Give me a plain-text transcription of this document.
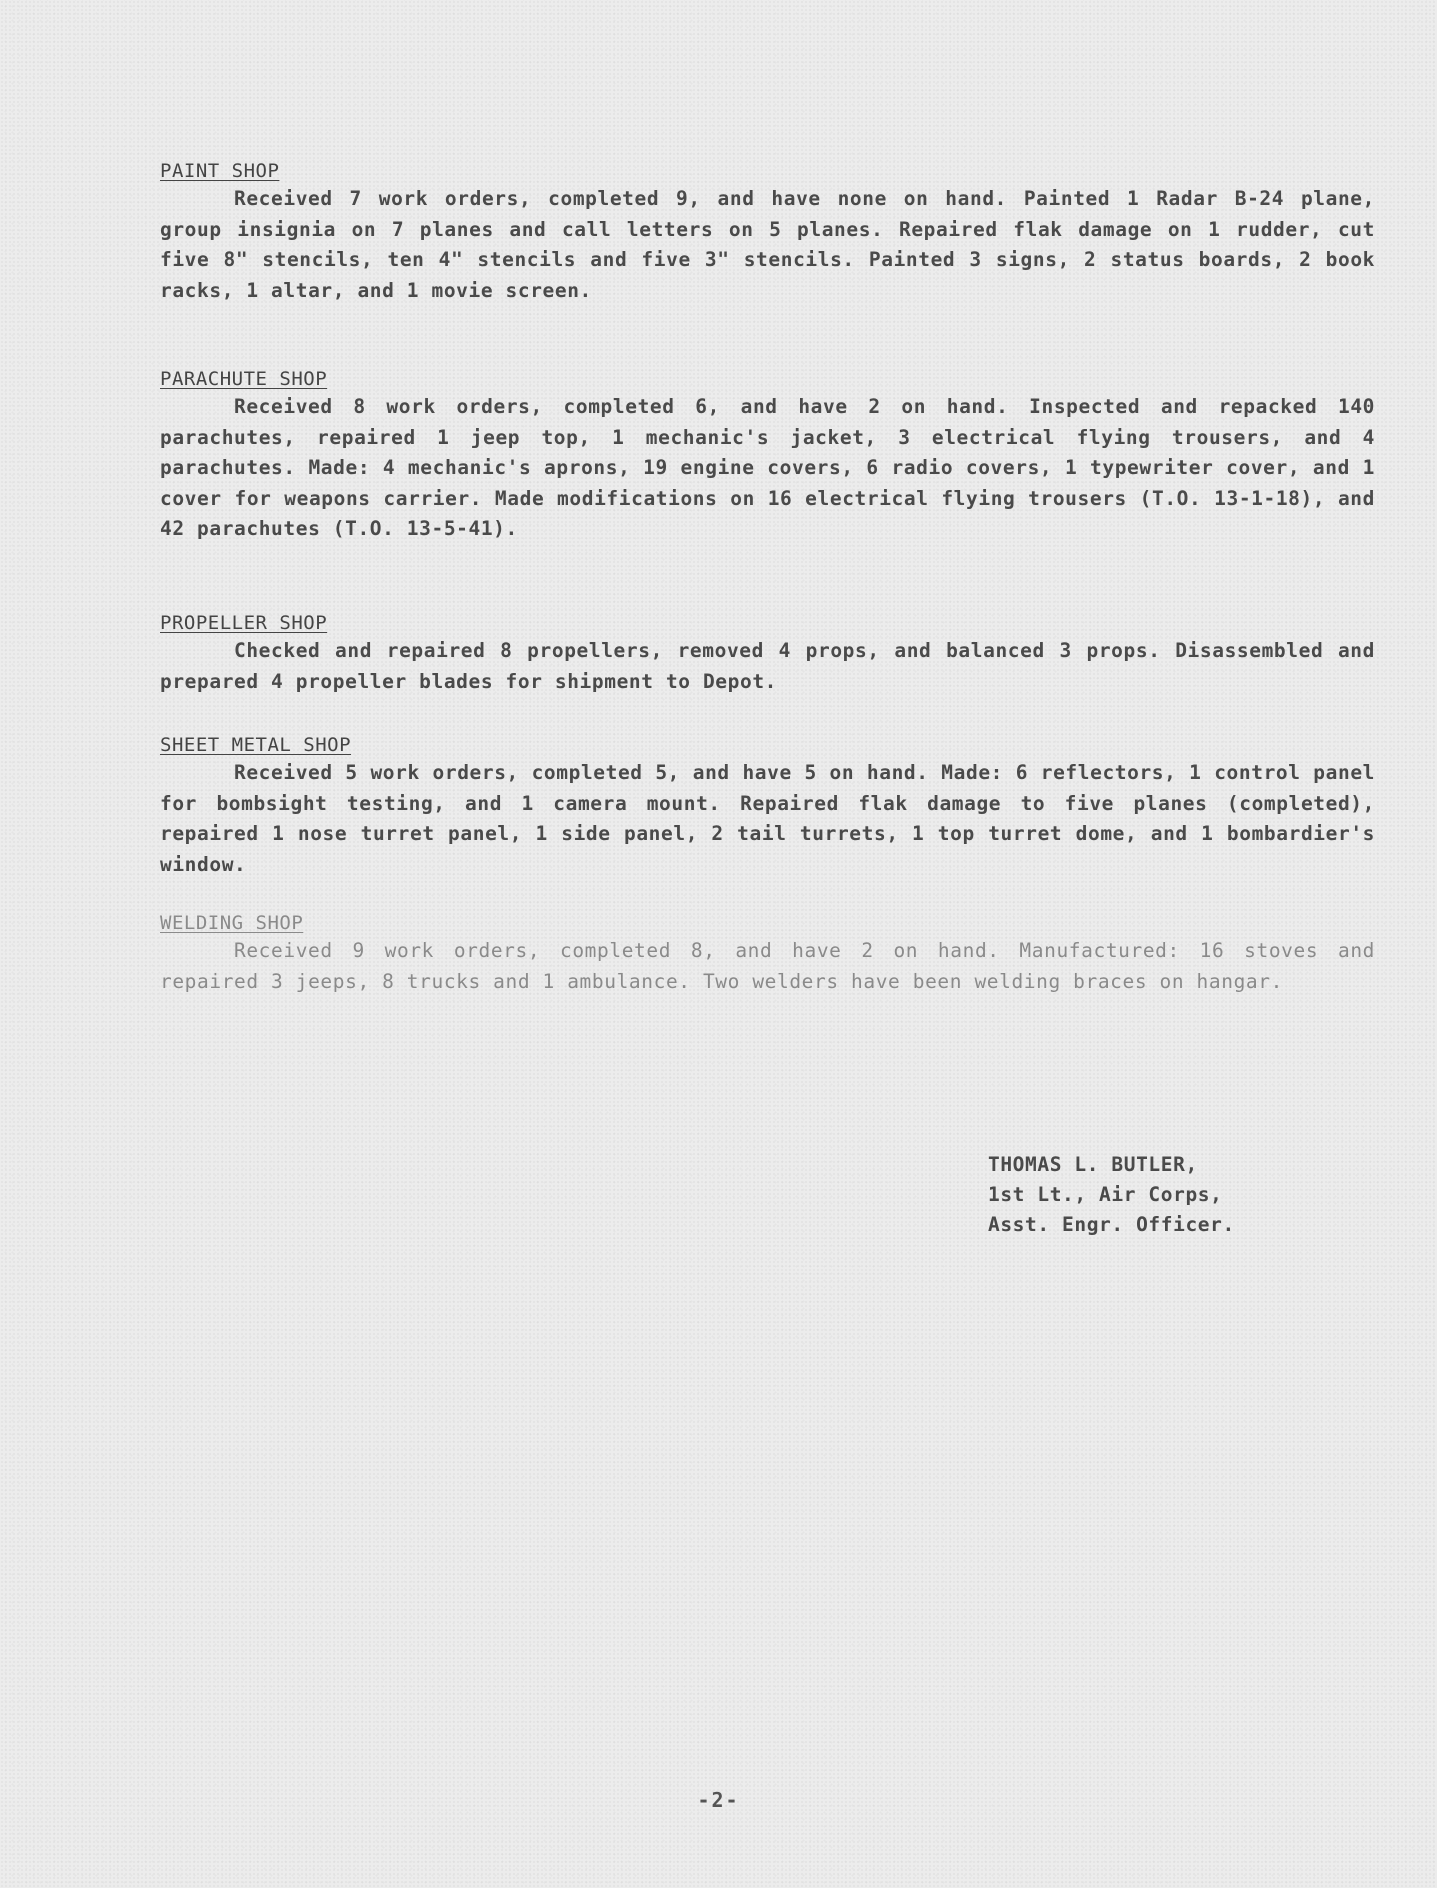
PAINT SHOP

Received 7 work orders, completed 9, and have none on hand. Painted 1 Radar B-24 plane, group insignia on 7 planes and call letters on 5 planes. Repaired flak damage on 1 rudder, cut five 8" stencils, ten 4" stencils and five 3" stencils. Painted 3 signs, 2 status boards, 2 book racks, 1 altar, and 1 movie screen.

PARACHUTE SHOP

Received 8 work orders, completed 6, and have 2 on hand. Inspected and repacked 140 parachutes, repaired 1 jeep top, 1 mechanic's jacket, 3 electrical flying trousers, and 4 parachutes. Made: 4 mechanic's aprons, 19 engine covers, 6 radio covers, 1 typewriter cover, and 1 cover for weapons carrier. Made modifications on 16 electrical flying trousers (T.O. 13-1-18), and 42 parachutes (T.O. 13-5-41).

PROPELLER SHOP

Checked and repaired 8 propellers, removed 4 props, and balanced 3 props. Disassembled and prepared 4 propeller blades for shipment to Depot.

SHEET METAL SHOP

Received 5 work orders, completed 5, and have 5 on hand. Made: 6 reflectors, 1 control panel for bombsight testing, and 1 camera mount. Repaired flak damage to five planes (completed), repaired 1 nose turret panel, 1 side panel, 2 tail turrets, 1 top turret dome, and 1 bombardier's window.

WELDING SHOP

Received 9 work orders, completed 8, and have 2 on hand. Manufactured: 16 stoves and repaired 3 jeeps, 8 trucks and 1 ambulance. Two welders have been welding braces on hangar.

THOMAS L. BUTLER,
1st Lt., Air Corps,
Asst. Engr. Officer.
-2-
